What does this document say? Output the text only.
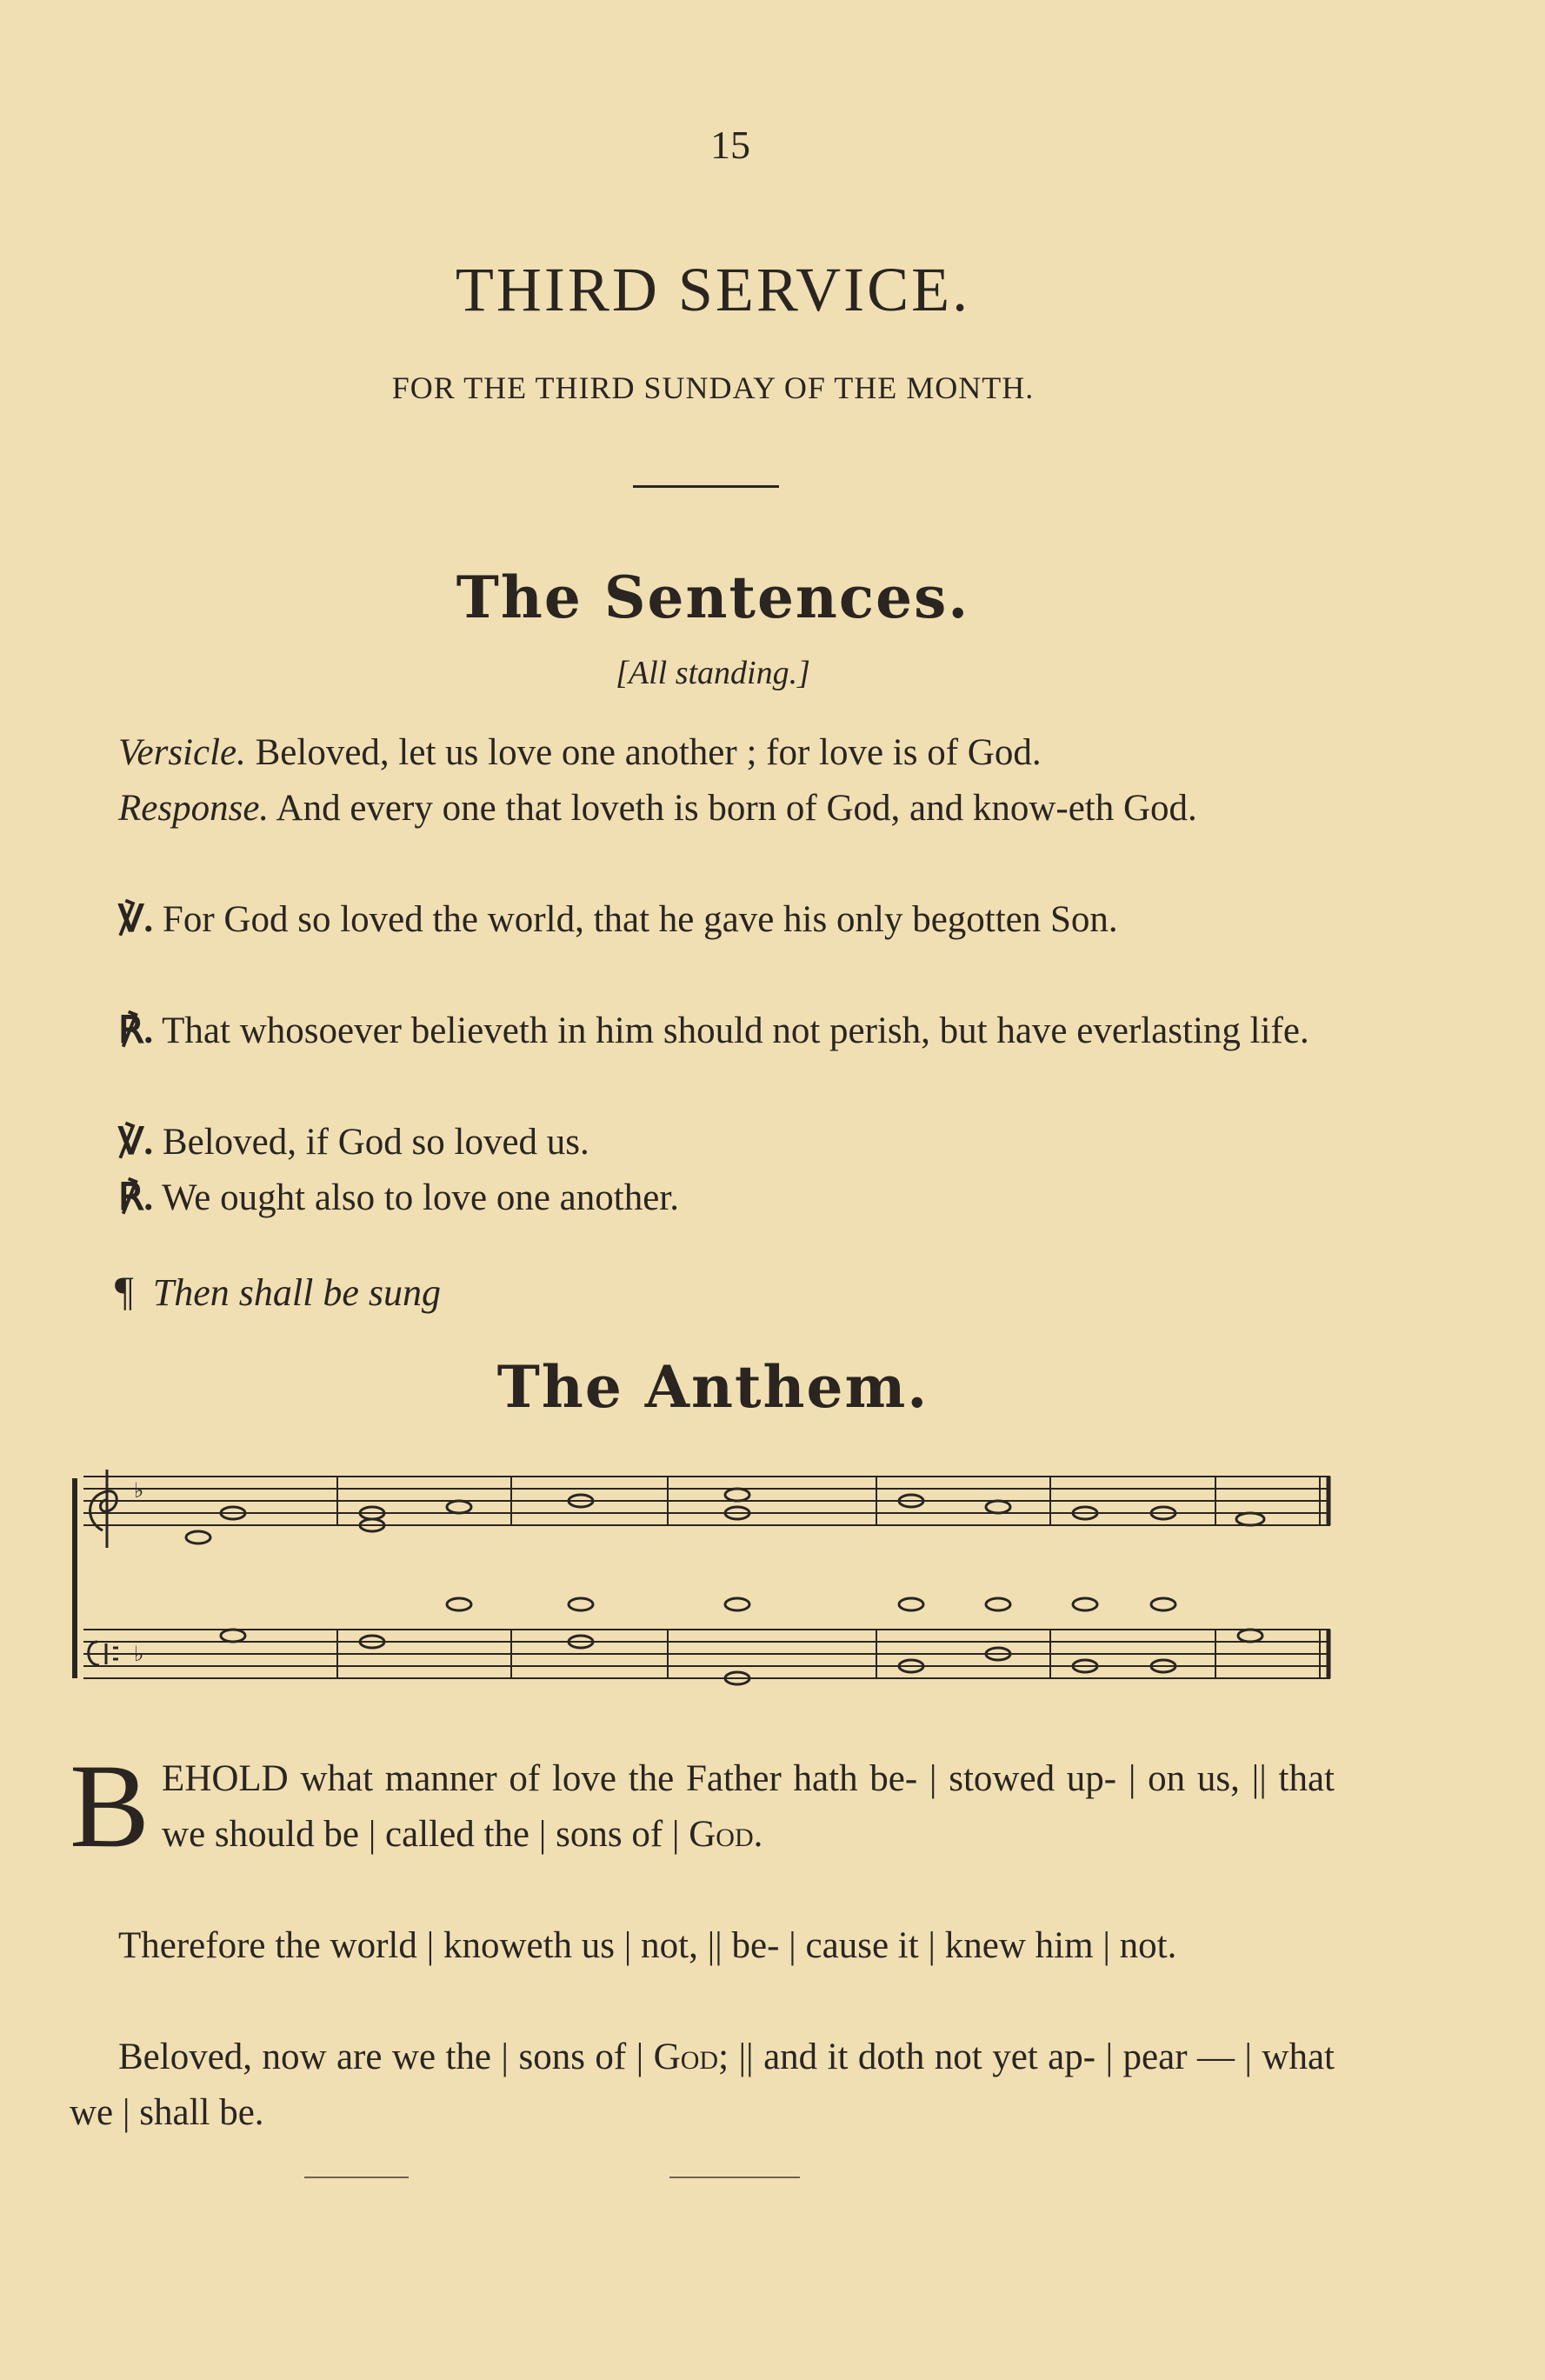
15
THIRD SERVICE.
FOR THE THIRD SUNDAY OF THE MONTH.
The Sentences.
[All standing.]
Versicle. Beloved, let us love one another ; for love is of God.
Response. And every one that loveth is born of God, and know-eth God.
℣. For God so loved the world, that he gave his only begotten Son.
℟. That whosoever believeth in him should not perish, but have everlasting life.
℣. Beloved, if God so loved us.
℟. We ought also to love one another.
¶ Then shall be sung
The Anthem.
♭
♭
BEHOLD what manner of love the Father hath be- | stowed up- | on us, || that we should be | called the | sons of | God.
Therefore the world | knoweth us | not, || be- | cause it | knew him | not.
Beloved, now are we the | sons of | God; || and it doth not yet ap- | pear — | what we | shall be.
